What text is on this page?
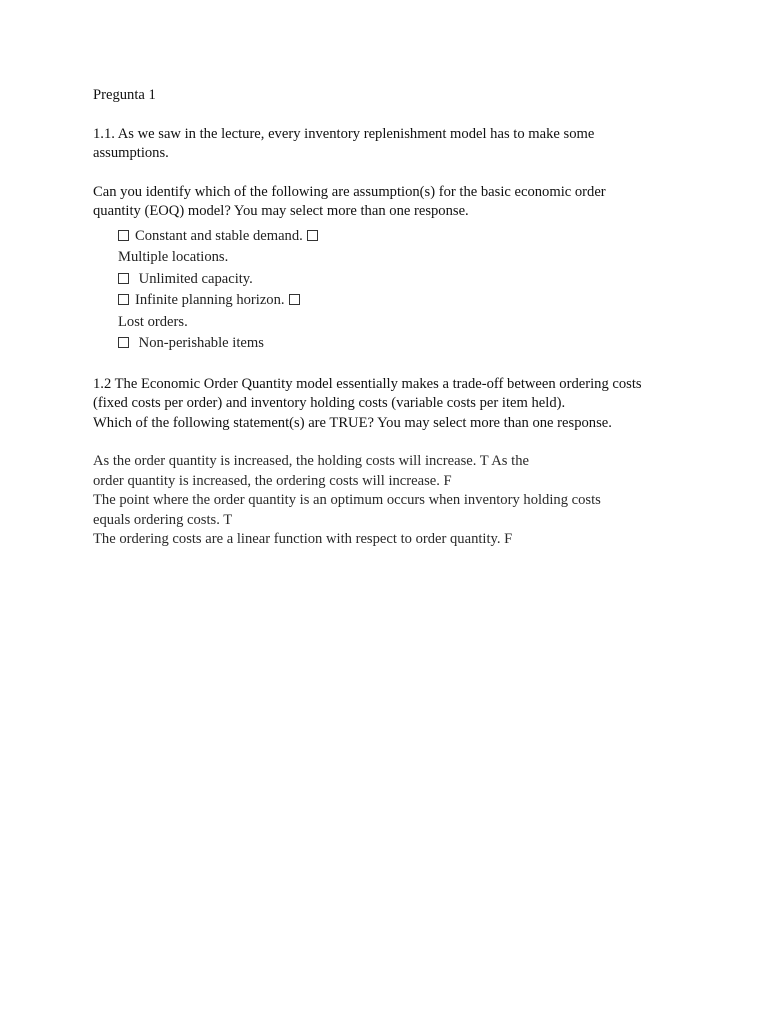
Pregunta 1
1.1. As we saw in the lecture, every inventory replenishment model has to make some
assumptions.
Can you identify which of the following are assumption(s) for the basic economic order
quantity (EOQ) model? You may select more than one response.
Constant and stable demand.
Multiple locations.
Unlimited capacity.
Infinite planning horizon.
Lost orders.
Non-perishable items
1.2 The Economic Order Quantity model essentially makes a trade-off between ordering costs
(fixed costs per order) and inventory holding costs (variable costs per item held).
Which of the following statement(s) are TRUE? You may select more than one response.
As the order quantity is increased, the holding costs will increase. T As the
order quantity is increased, the ordering costs will increase. F
The point where the order quantity is an optimum occurs when inventory holding costs
equals ordering costs. T
The ordering costs are a linear function with respect to order quantity. F
